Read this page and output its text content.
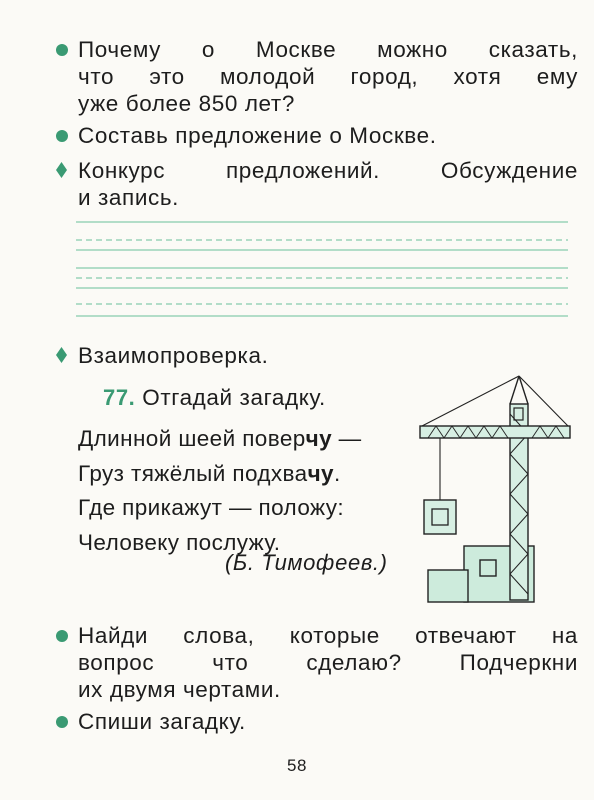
Почему о Москве можно сказать,
что это молодой город, хотя ему
уже более 850 лет?
Составь предложение о Москве.
Конкурс предложений. Обсуждение
и запись.
Взаимопроверка.
77. Отгадай загадку.
Длинной шеей поверчу —
Груз тяжёлый подхвачу.
Где прикажут — положу:
Человеку послужу.
(Б. Тимофеев.)
Найди слова, которые отвечают на
вопрос что сделаю? Подчеркни
их двумя чертами.
Спиши загадку.
58
